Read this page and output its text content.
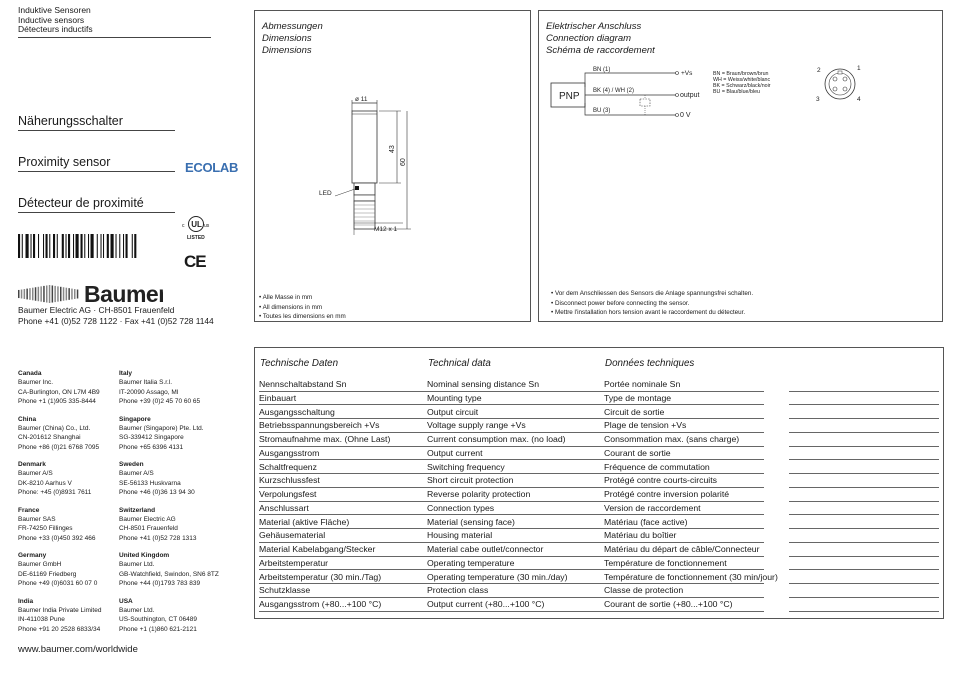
Induktive Sensoren
Inductive sensors
Détecteurs inductifs
Näherungsschalter
Proximity sensor
Détecteur de proximité
ECOLAB
c UL us
LISTED
CE
Baumer
Baumer Electric AG · CH-8501 Frauenfeld
Phone +41 (0)52 728 1122 · Fax +41 (0)52 728 1144
Abmessungen
Dimensions
Dimensions
ø 11
LED
43
60
M12 x 1
• Alle Masse in mm
• All dimensions in mm
• Toutes les dimensions en mm
Elektrischer Anschluss
Connection diagram
Schéma de raccordement
PNP
BN (1)
BK (4) / WH (2)
BU (3)
+Vs
output
0 V
BN = Braun/brown/brun
WH = Weiss/white/blanc
BK = Schwarz/black/noir
BU = Blau/blue/bleu
1
2
3	4
• Vor dem Anschliessen des Sensors die Anlage spannungsfrei schalten.
• Disconnect power before connecting the sensor.
• Mettre l'installation hors tension avant le raccordement du détecteur.
Canada
Baumer Inc.
CA-Burlington, ON L7M 4B9
Phone +1 (1)905 335-8444
Italy
Baumer Italia S.r.l.
IT-20090 Assago, MI
Phone +39 (0)2 45 70 60 65
China
Baumer (China) Co., Ltd.
CN-201612 Shanghai
Phone +86 (0)21 6768 7095
Singapore
Baumer (Singapore) Pte. Ltd.
SG-339412 Singapore
Phone +65 6396 4131
Denmark
Baumer A/S
DK-8210 Aarhus V
Phone: +45 (0)8931 7611
Sweden
Baumer A/S
SE-56133 Huskvarna
Phone +46 (0)36 13 94 30
France
Baumer SAS
FR-74250 Fillinges
Phone +33 (0)450 392 466
Switzerland
Baumer Electric AG
CH-8501 Frauenfeld
Phone +41 (0)52 728 1313
Germany
Baumer GmbH
DE-61169 Friedberg
Phone +49 (0)6031 60 07 0
United Kingdom
Baumer Ltd.
GB-Watchfield, Swindon, SN6 8TZ
Phone +44 (0)1793 783 839
India
Baumer India Private Limited
IN-411038 Pune
Phone +91 20 2528 6833/34
USA
Baumer Ltd.
US-Southington, CT 06489
Phone +1 (1)860 621-2121
www.baumer.com/worldwide
Technische Daten	Technical data	Données techniques
Nennschaltabstand Sn	Nominal sensing distance Sn	Portée nominale Sn
Einbauart	Mounting type	Type de montage
Ausgangsschaltung	Output circuit	Circuit de sortie
Betriebsspannungsbereich +Vs	Voltage supply range +Vs	Plage de tension +Vs
Stromaufnahme max. (Ohne Last)	Current consumption max. (no load)	Consommation max. (sans charge)
Ausgangsstrom	Output current	Courant de sortie
Schaltfrequenz	Switching frequency	Fréquence de commutation
Kurzschlussfest	Short circuit protection	Protégé contre courts-circuits
Verpolungsfest	Reverse polarity protection	Protégé contre inversion polarité
Anschlussart	Connection types	Version de raccordement
Material (aktive Fläche)	Material (sensing face)	Matériau (face active)
Gehäusematerial	Housing material	Matériau du boîtier
Material Kabelabgang/Stecker	Material cabe outlet/connector	Matériau du départ de câble/Connecteur
Arbeitstemperatur	Operating temperature	Température de fonctionnement
Arbeitstemperatur (30 min./Tag)	Operating temperature (30 min./day)	Température de fonctionnement (30 min/jour)
Schutzklasse	Protection class	Classe de protection
Ausgangsstrom (+80...+100 °C)	Output current (+80...+100 °C)	Courant de sortie (+80...+100 °C)
